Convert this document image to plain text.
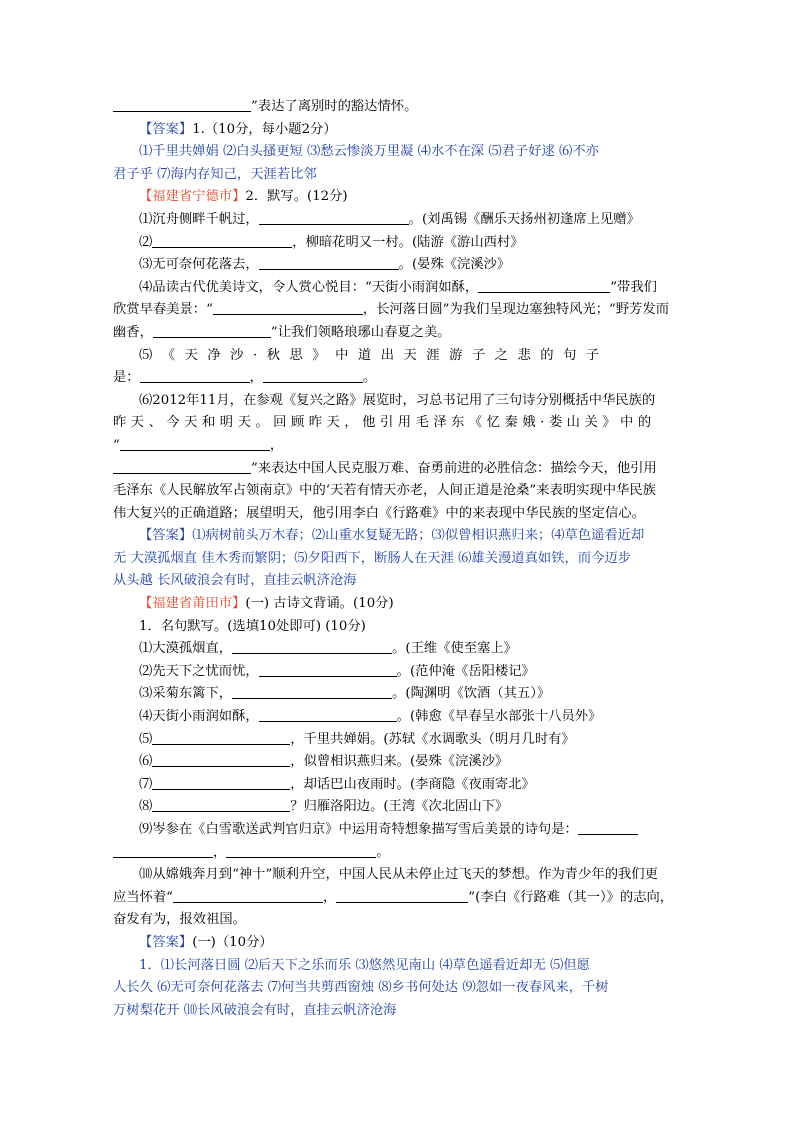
”表达了离别时的豁达情怀。

【答案】1.（10分，每小题2分）

⑴千里共婵娟 ⑵白头搔更短 ⑶愁云惨淡万里凝 ⑷水不在深 ⑸君子好逑 ⑹不亦

君子乎 ⑺海内存知己，天涯若比邻

【福建省宁德市】2．默写。(12分)

⑴沉舟侧畔千帆过，	。(刘禹锡《酬乐天扬州初逢席上见赠》

⑵	，柳暗花明又一村。(陆游《游山西村》

⑶无可奈何花落去，	。(晏殊《浣溪沙》

⑷品读古代优美诗文，令人赏心悦目：“天街小雨润如酥，	”带我们

欣赏早春美景：“	，长河落日圆”为我们呈现边塞独特风光；“野芳发而

幽香，	”让我们领略琅琊山春夏之美。

⑸《天净沙·秋思》中道出天涯游子之悲的句子

是：	，	。

⑹2012年11月，在参观《复兴之路》展览时，习总书记用了三句诗分别概括中华民族的

昨天、今天和明天。回顾昨天，他引用毛泽东《忆秦娥·娄山关》中的

“	，

”来表达中国人民克服万难、奋勇前进的必胜信念：描绘今天，他引用

毛泽东《人民解放军占领南京》中的‘天若有情天亦老，人间正道是沧桑”来表明实现中华民族

伟大复兴的正确道路；展望明天，他引用李白《行路难》中的来表现中华民族的坚定信心。

【答案】⑴病树前头万木春；⑵山重水复疑无路；⑶似曾相识燕归来；⑷草色遥看近却

无 大漠孤烟直 佳木秀而繁阴；⑸夕阳西下，断肠人在天涯 ⑹雄关漫道真如铁，而今迈步

从头越 长风破浪会有时，直挂云帆济沧海

【福建省莆田市】(一) 古诗文背诵。(10分)

1．名句默写。(选填10处即可) (10分)

⑴大漠孤烟直，	。(王维《使至塞上》

⑵先天下之忧而忧，	。(范仲淹《岳阳楼记》

⑶采菊东篱下，	。(陶渊明《饮酒（其五）》

⑷天街小雨润如酥，	。(韩愈《早春呈水部张十八员外》

⑸	，千里共婵娟。(苏轼《水调歌头（明月几时有》

⑹	，似曾相识燕归来。(晏殊《浣溪沙》

⑺	，却话巴山夜雨时。(李商隐《夜雨寄北》

⑻	？归雁洛阳边。(王湾《次北固山下》

⑼岑参在《白雪歌送武判官归京》中运用奇特想象描写雪后美景的诗句是：

，	。

⑽从嫦娥奔月到“神十”顺利升空，中国人民从未停止过飞天的梦想。作为青少年的我们更

应当怀着“	，	”(李白《行路难（其一）》的志向，

奋发有为，报效祖国。

【答案】(一)（10分）

1．⑴长河落日圆 ⑵后天下之乐而乐 ⑶悠然见南山 ⑷草色遥看近却无 ⑸但愿

人长久 ⑹无可奈何花落去 ⑺何当共剪西窗烛 ⑻乡书何处达 ⑼忽如一夜春风来，千树

万树梨花开 ⑽长风破浪会有时，直挂云帆济沧海
